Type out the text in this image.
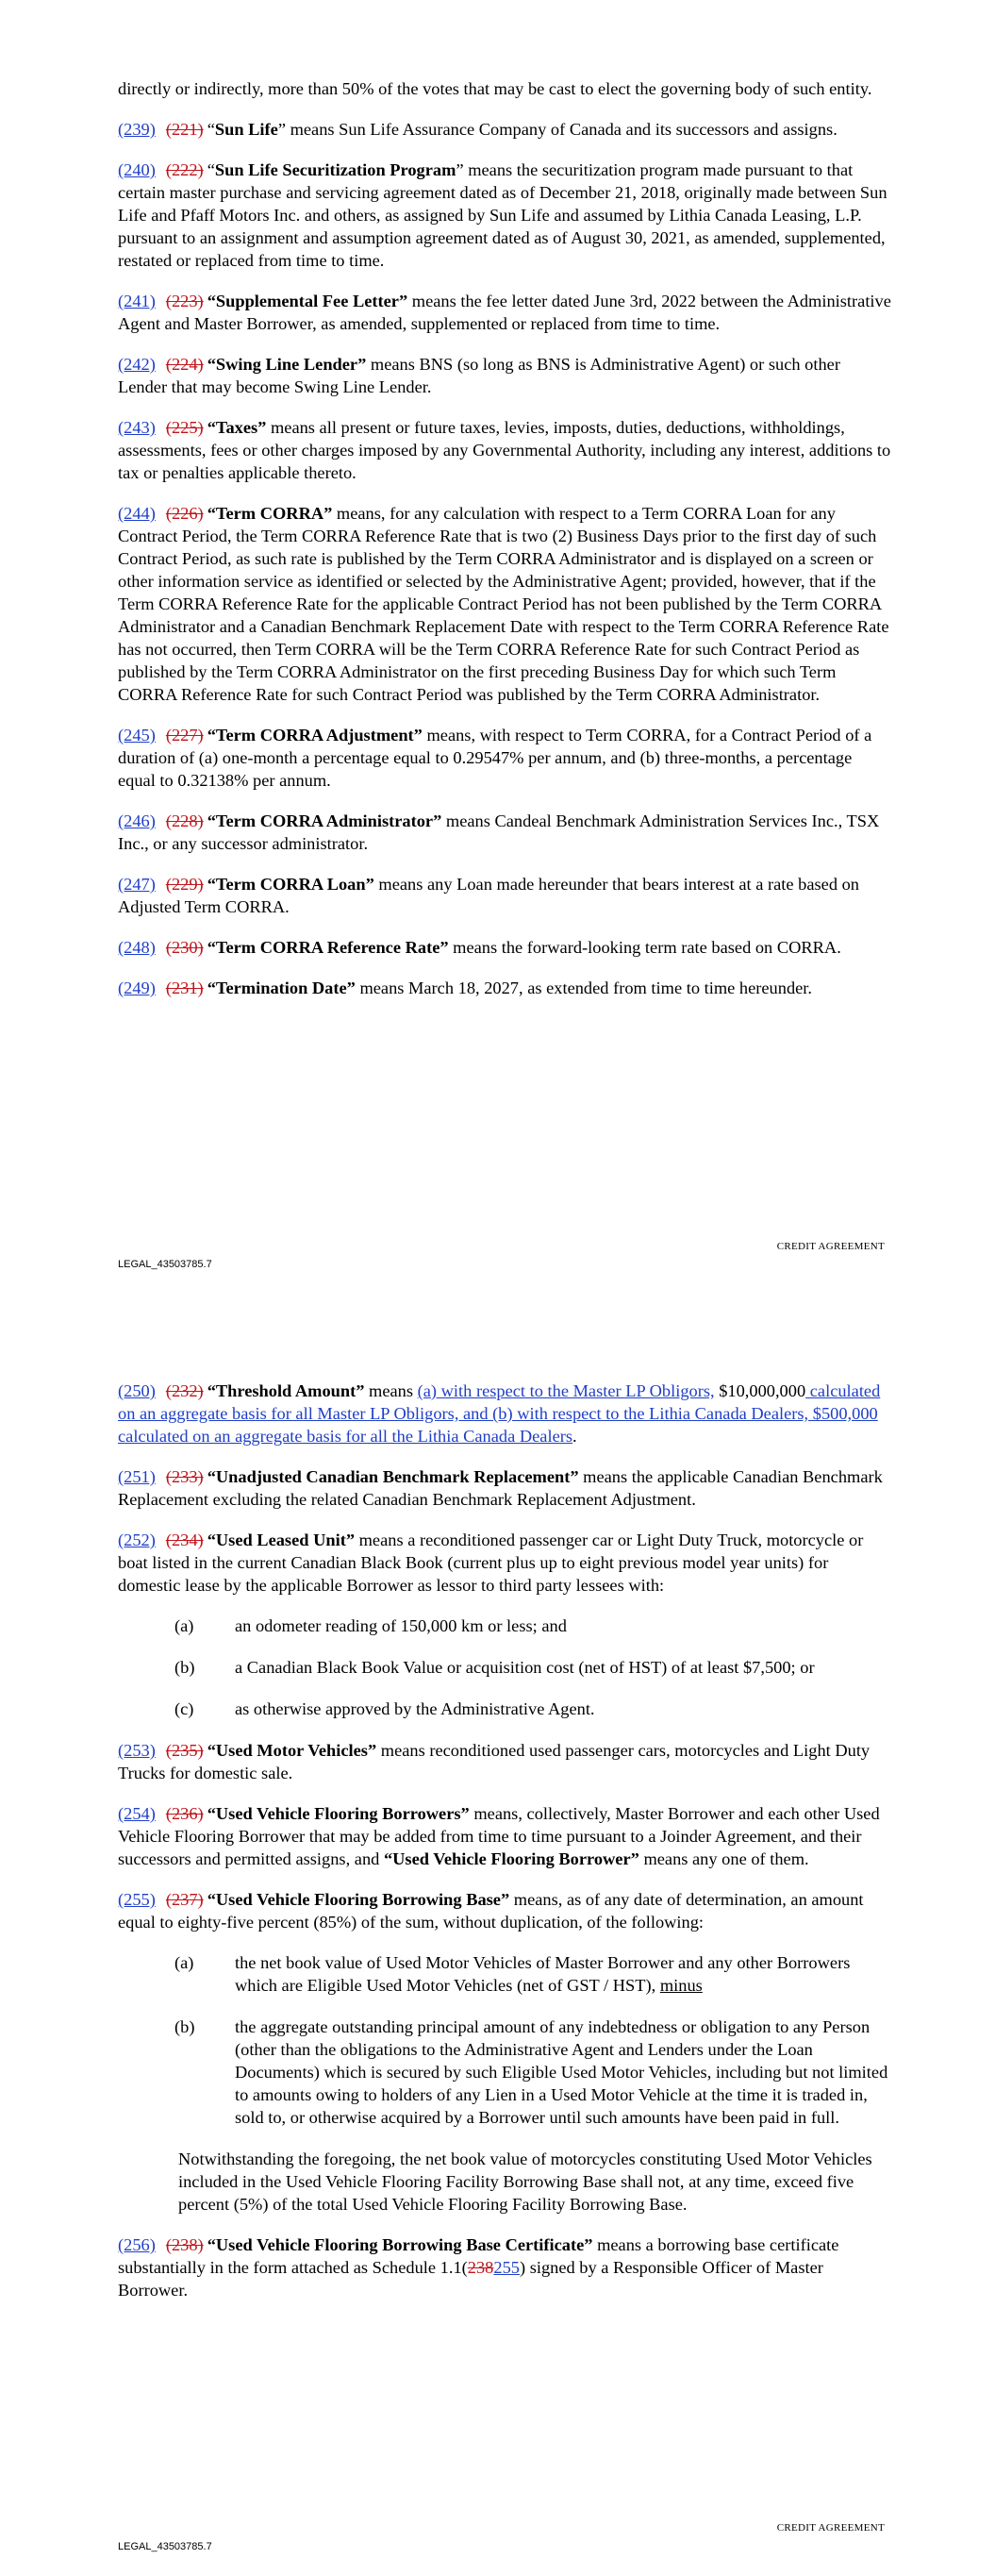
directly or indirectly, more than 50% of the votes that may be cast to elect the governing body of such entity.

(239) (221) “Sun Life” means Sun Life Assurance Company of Canada and its successors and assigns.

(240) (222) “Sun Life Securitization Program” means the securitization program made pursuant to that certain master purchase and servicing agreement dated as of December 21, 2018, originally made between Sun Life and Pfaff Motors Inc. and others, as assigned by Sun Life and assumed by Lithia Canada Leasing, L.P. pursuant to an assignment and assumption agreement dated as of August 30, 2021, as amended, supplemented, restated or replaced from time to time.

(241) (223) “Supplemental Fee Letter” means the fee letter dated June 3rd, 2022 between the Administrative Agent and Master Borrower, as amended, supplemented or replaced from time to time.

(242) (224) “Swing Line Lender” means BNS (so long as BNS is Administrative Agent) or such other Lender that may become Swing Line Lender.

(243) (225) “Taxes” means all present or future taxes, levies, imposts, duties, deductions, withholdings, assessments, fees or other charges imposed by any Governmental Authority, including any interest, additions to tax or penalties applicable thereto.

(244) (226) “Term CORRA” means, for any calculation with respect to a Term CORRA Loan for any Contract Period, the Term CORRA Reference Rate that is two (2) Business Days prior to the first day of such Contract Period, as such rate is published by the Term CORRA Administrator and is displayed on a screen or other information service as identified or selected by the Administrative Agent; provided, however, that if the Term CORRA Reference Rate for the applicable Contract Period has not been published by the Term CORRA Administrator and a Canadian Benchmark Replacement Date with respect to the Term CORRA Reference Rate has not occurred, then Term CORRA will be the Term CORRA Reference Rate for such Contract Period as published by the Term CORRA Administrator on the first preceding Business Day for which such Term CORRA Reference Rate for such Contract Period was published by the Term CORRA Administrator.

(245) (227) “Term CORRA Adjustment” means, with respect to Term CORRA, for a Contract Period of a duration of (a) one-month a percentage equal to 0.29547% per annum, and (b) three-months, a percentage equal to 0.32138% per annum.

(246) (228) “Term CORRA Administrator” means Candeal Benchmark Administration Services Inc., TSX Inc., or any successor administrator.

(247) (229) “Term CORRA Loan” means any Loan made hereunder that bears interest at a rate based on Adjusted Term CORRA.

(248) (230) “Term CORRA Reference Rate” means the forward-looking term rate based on CORRA.

(249) (231) “Termination Date” means March 18, 2027, as extended from time to time hereunder.

CREDIT AGREEMENT
LEGAL_43503785.7

(250) (232) “Threshold Amount” means (a) with respect to the Master LP Obligors, $10,000,000 calculated on an aggregate basis for all Master LP Obligors, and (b) with respect to the Lithia Canada Dealers, $500,000 calculated on an aggregate basis for all the Lithia Canada Dealers.

(251) (233) “Unadjusted Canadian Benchmark Replacement” means the applicable Canadian Benchmark Replacement excluding the related Canadian Benchmark Replacement Adjustment.

(252) (234) “Used Leased Unit” means a reconditioned passenger car or Light Duty Truck, motorcycle or boat listed in the current Canadian Black Book (current plus up to eight previous model year units) for domestic lease by the applicable Borrower as lessor to third party lessees with:

(a)	an odometer reading of 150,000 km or less; and
(b)	a Canadian Black Book Value or acquisition cost (net of HST) of at least $7,500; or
(c)	as otherwise approved by the Administrative Agent.

(253) (235) “Used Motor Vehicles” means reconditioned used passenger cars, motorcycles and Light Duty Trucks for domestic sale.

(254) (236) “Used Vehicle Flooring Borrowers” means, collectively, Master Borrower and each other Used Vehicle Flooring Borrower that may be added from time to time pursuant to a Joinder Agreement, and their successors and permitted assigns, and “Used Vehicle Flooring Borrower” means any one of them.

(255) (237) “Used Vehicle Flooring Borrowing Base” means, as of any date of determination, an amount equal to eighty-five percent (85%) of the sum, without duplication, of the following:

(a)	the net book value of Used Motor Vehicles of Master Borrower and any other Borrowers which are Eligible Used Motor Vehicles (net of GST / HST), minus
(b)	the aggregate outstanding principal amount of any indebtedness or obligation to any Person (other than the obligations to the Administrative Agent and Lenders under the Loan Documents) which is secured by such Eligible Used Motor Vehicles, including but not limited to amounts owing to holders of any Lien in a Used Motor Vehicle at the time it is traded in, sold to, or otherwise acquired by a Borrower until such amounts have been paid in full.

Notwithstanding the foregoing, the net book value of motorcycles constituting Used Motor Vehicles included in the Used Vehicle Flooring Facility Borrowing Base shall not, at any time, exceed five percent (5%) of the total Used Vehicle Flooring Facility Borrowing Base.

(256) (238) “Used Vehicle Flooring Borrowing Base Certificate” means a borrowing base certificate substantially in the form attached as Schedule 1.1(238255) signed by a Responsible Officer of Master Borrower.

CREDIT AGREEMENT
LEGAL_43503785.7
